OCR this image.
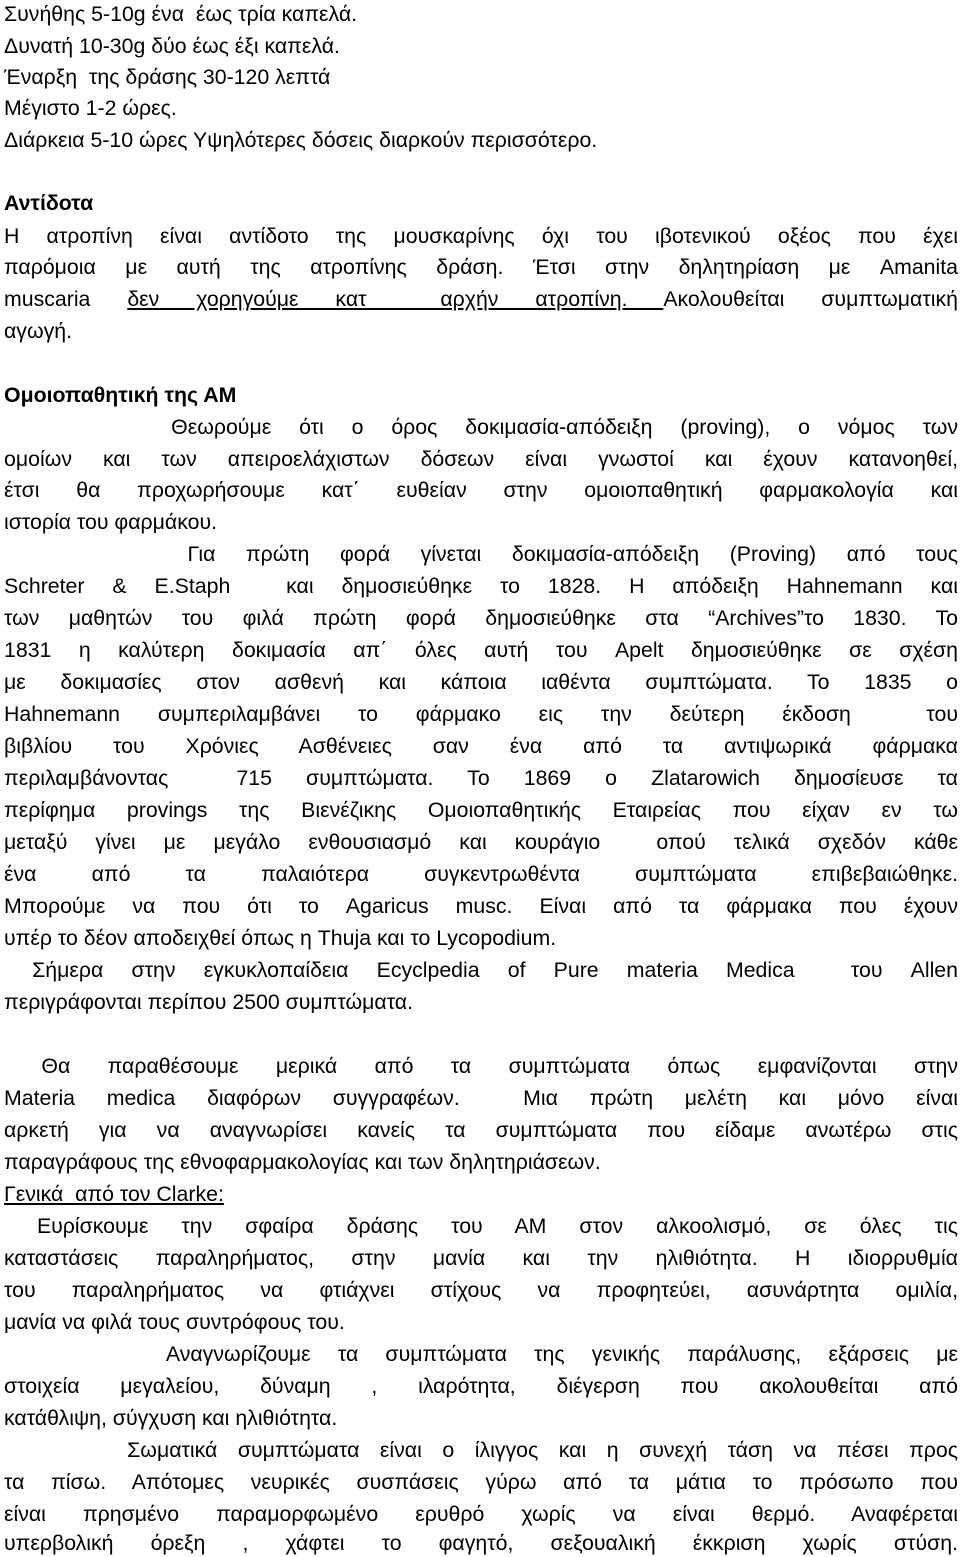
Συνήθης 5-10g ένα  έως τρία καπελά.
Δυνατή 10-30g δύο έως έξι καπελά.
Έναρξη  της δράσης 30-120 λεπτά
Μέγιστο 1-2 ώρες.
Διάρκεια 5-10 ώρες Υψηλότερες δόσεις διαρκούν περισσότερο.
Αντίδοτα
Η ατροπίνη είναι αντίδοτο της μουσκαρίνης όχι του ιβοτενικού οξέος που έχει
παρόμοια με αυτή της ατροπίνης δράση. Έτσι στην δηλητηρίαση με Amanita
muscaria δεν χορηγούμε κατ  αρχήν ατροπίνη. Ακολουθείται συμπτωματική
αγωγή.
Ομοιοπαθητική της ΑΜ
Θεωρούμε ότι ο όρος δοκιμασία-απόδειξη (proving), ο νόμος των
ομοίων και των απειροελάχιστων δόσεων είναι γνωστοί και έχουν κατανοηθεί,
έτσι θα προχωρήσουμε κατ΄ ευθείαν στην ομοιοπαθητική φαρμακολογία και
ιστορία του φαρμάκου.
Για πρώτη φορά γίνεται δοκιμασία-απόδειξη (Proving) από τους
Schreter & E.Staph  και δημοσιεύθηκε το 1828. Η απόδειξη Hahnemann και
των μαθητών του φιλά πρώτη φορά δημοσιεύθηκε στα “Archives”το 1830. Το
1831 η καλύτερη δοκιμασία απ΄ όλες αυτή του Apelt δημοσιεύθηκε σε σχέση
με δοκιμασίες στον ασθενή και κάποια ιαθέντα συμπτώματα. Το 1835 ο
Hahnemann συμπεριλαμβάνει το φάρμακο εις την δεύτερη έκδοση  του
βιβλίου του Χρόνιες Ασθένειες σαν ένα από τα αντιψωρικά φάρμακα
περιλαμβάνοντας  715 συμπτώματα. Το 1869 ο Zlatarowich δημοσίευσε τα
περίφημα provings της Βιενέζικης Ομοιοπαθητικής Εταιρείας που είχαν εν τω
μεταξύ γίνει με μεγάλο ενθουσιασμό και κουράγιο  οπού τελικά σχεδόν κάθε
ένα από τα παλαιότερα συγκεντρωθέντα συμπτώματα επιβεβαιώθηκε.
Μπορούμε να που ότι το Agaricus musc. Είναι από τα φάρμακα που έχουν
υπέρ το δέον αποδειχθεί όπως η Thuja και το Lycopodium.
Σήμερα στην εγκυκλοπαίδεια Ecyclpedia of Pure materia Medica  του Allen
περιγράφονται περίπου 2500 συμπτώματα.
Θα παραθέσουμε μερικά από τα συμπτώματα όπως εμφανίζονται στην
Materia medica διαφόρων συγγραφέων.  Μια πρώτη μελέτη και μόνο είναι
αρκετή για να αναγνωρίσει κανείς τα συμπτώματα που είδαμε ανωτέρω στις
παραγράφους της εθνοφαρμακολογίας και των δηλητηριάσεων.
Γενικά  από τον Clarke:
Ευρίσκουμε την σφαίρα δράσης του ΑΜ στον αλκοολισμό, σε όλες τις
καταστάσεις παραληρήματος, στην μανία και την ηλιθιότητα. Η ιδιορρυθμία
του παραληρήματος να φτιάχνει στίχους να προφητεύει, ασυνάρτητα ομιλία,
μανία να φιλά τους συντρόφους του.
Αναγνωρίζουμε τα συμπτώματα της γενικής παράλυσης, εξάρσεις με
στοιχεία μεγαλείου, δύναμη , ιλαρότητα, διέγερση που ακολουθείται από
κατάθλιψη, σύγχυση και ηλιθιότητα.
Σωματικά συμπτώματα είναι ο ίλιγγος και η συνεχή τάση να πέσει προς
τα πίσω. Απότομες νευρικές συσπάσεις γύρω από τα μάτια το πρόσωπο που
είναι πρησμένο παραμορφωμένο ερυθρό χωρίς να είναι θερμό. Αναφέρεται
υπερβολική όρεξη , χάφτει το φαγητό, σεξουαλική έκκριση χωρίς στύση.
